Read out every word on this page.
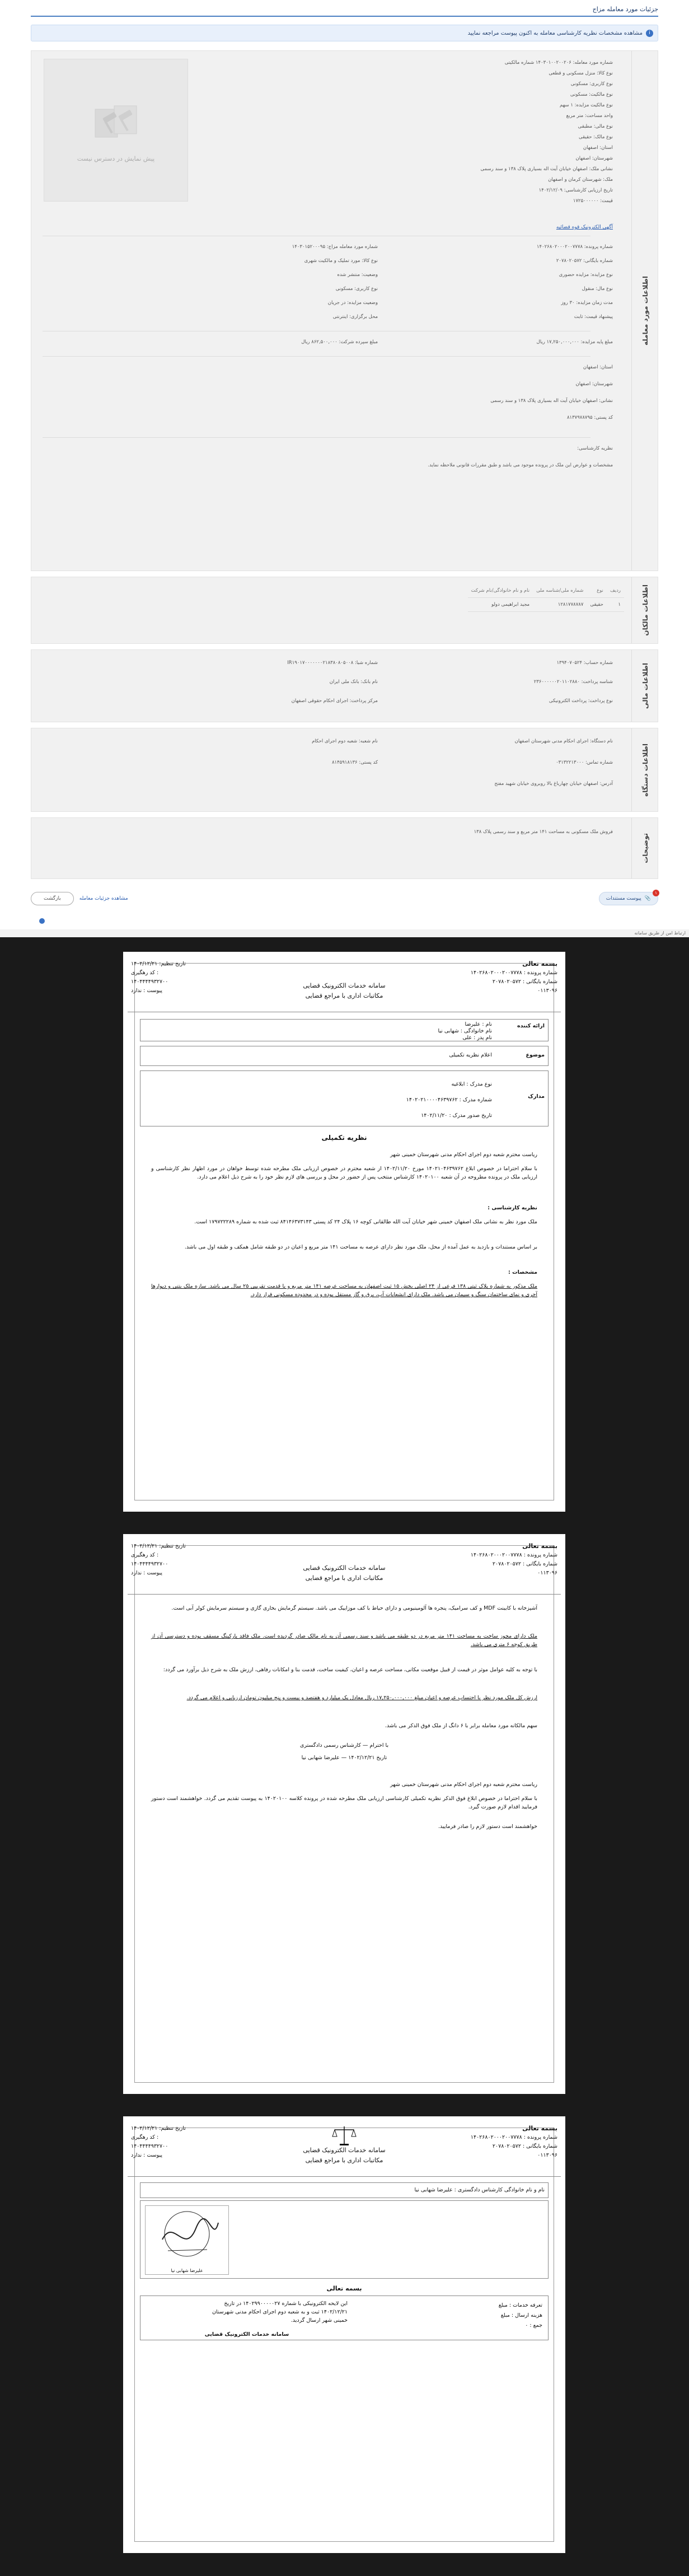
جزئیات مورد معامله مزاج
i
مشاهده مشخصات نظریه کارشناسی معامله به اکنون پیوست مراجعه نمایید
اطلاعات مورد معامله
پیش نمایش در دسترس نیست
شماره مورد معامله: ۱۴۰۳۰۱۰۰۲۰۰۲۰۶ شماره مالکیتی
نوع کالا: منزل مسکونی و قطعی
نوع کاربری: مسکونی
نوع مالکیت: مسکونی
نوع مالکیت مزایده: ۱ سهم
واحد مساحت: متر مربع
نوع مالی: مطبقی
نوع مالک: حقیقی
استان: اصفهان
شهرستان: اصفهان
نشانی ملک: اصفهان خیابان آیت اله بسیاری پلاک ۱۳۸ و سند رسمی
ملک: شهرستان کرمان و اصفهان
تاریخ ارزیابی کارشناسی: ۱۴۰۲/۱۲/۰۹
قیمت: ۱۷۲۵۰۰۰۰۰۰
آگهی الکترونیک قوه قضائیه
شماره پرونده: ۱۴۰۲۶۸۰۲۰۰۰۲۰۰۷۷۷۸
شماره بایگانی: ۲۰۷۸۰۲۰۵۷۲
نوع مزایده: مزایده حضوری
نوع مال: منقول
مدت زمان مزایده: ۳۰ روز
پیشنهاد قیمت: ثابت
شماره مورد معامله مزاج: ۱۴۰۳۰۱۵۲۰۰۰۹۵
نوع کالا: مورد تملیک و مالکیت شهری
وضعیت: منتشر شده
نوع کاربری: مسکونی
وضعیت مزایده: در جریان
محل برگزاری: اینترنتی
مبلغ پایه مزایده: ۱۷,۲۵۰,۰۰۰,۰۰۰ ریال
مبلغ سپرده شرکت: ۸۶۲,۵۰۰,۰۰۰ ریال
استان: اصفهان
شهرستان: اصفهان
نشانی: اصفهان خیابان آیت اله بسیاری پلاک ۱۳۸ و سند رسمی
کد پستی: ۸۱۳۷۹۷۸۷۹۵
نظریه کارشناسی:
مشخصات و عوارض این ملک در پرونده موجود می باشد و طبق مقررات قانونی ملاحظه نماید.
اطلاعات مالکان
ردیف	نوع	شماره ملی/شناسه ملی	نام و نام خانوادگی/نام شرکت
۱	حقیقی	۱۲۸۱۷۷۸۷۸۷	مجید ابراهیمی دولو
اطلاعات مالی
شماره حساب: ۱۳۹۴۰۷۰۵۲۴
شماره شبا: IR۱۹۰۱۷۰۰۰۰۰۰۰۲۱۸۳۸۰۸۰۵۰۰۸
شناسه پرداخت: ۲۳۶۰۰۰۰۰۰۲۰۱۱۰۲۸۸۰
نام بانک: بانک ملی ایران
نوع پرداخت: پرداخت الکترونیکی
مرکز پرداخت: اجرای احکام حقوقی اصفهان
اطلاعات دستگاه
نام دستگاه: اجرای احکام مدنی شهرستان اصفهان
نام شعبه: شعبه دوم اجرای احکام
شماره تماس: ۰۳۱۳۲۲۱۳۰۰۰
کد پستی: ۸۱۴۵۹۱۸۱۳۶
آدرس: اصفهان خیابان چهارباغ بالا روبروی خیابان شهید مفتح
توضیحات
فروش ملک مسکونی به مساحت ۱۴۱ متر مربع و سند رسمی پلاک ۱۳۸
۱
📎
پیوست مستندات
مشاهده جزئیات معامله
بازگشت
ارتباط امن از طریق سامانه
بسمه تعالی
شماره پرونده : ۱۴۰۲۶۸۰۲۰۰۰۲۰۰۷۷۷۸
شماره بایگانی : ۲۰۷۸۰۲۰۵۷۲
۰۱۱۳۰۹۶
سامانه خدمات الکترونیک قضایی
مکاتبات اداری با مراجع قضایی
تاریخ تنظیم: ۱۴۰۲/۱۲/۲۱
کد رهگیری :
۱۴۰۴۴۴۴۹۳۲۷۰۰
پیوست : ندارد
ارائه کننده
نام : علیرضا
نام خانوادگی : شهابی نیا
نام پدر : علی
موضوع
اعلام نظریه تکمیلی
مدارک
نوع مدرک : ابلاغیه
شماره مدرک : ۱۴۰۲۰۲۱۰۰۰۰۴۶۳۹۷۶۲
تاریخ صدور مدرک : ۱۴۰۲/۱۱/۲۰
نظریه تکمیلی
ریاست محترم شعبه دوم اجرای احکام مدنی شهرستان خمینی شهر
با سلام احتراما در خصوص ابلاغ ۱۴۰۲۱۰۴۶۳۹۷۶۲ مورخ ۱۴۰۲/۱۱/۲۰ از شعبه محترم در خصوص ارزیابی ملک مطرحه شده توسط خواهان در مورد اظهار نظر کارشناسی و ارزیابی ملک در پرونده مطروحه در آن شعبه ۱۴۰۲۰۱۰۰ کارشناس منتخب پس از حضور در محل و بررسی های لازم نظر خود را به شرح ذیل اعلام می دارد.
نظریه کارشناسی :
ملک مورد نظر به نشانی ملک اصفهان خمینی شهر خیابان آیت الله طالقانی کوچه ۱۶ پلاک ۲۴ کد پستی ۸۴۱۴۶۳۷۳۱۴۳ ثبت شده به شماره ۱۷۹۷۲۲۲۸۹ است.
بر اساس مستندات و بازدید به عمل آمده از محل، ملک مورد نظر دارای عرصه به مساحت ۱۴۱ متر مربع و اعیان در دو طبقه شامل همکف و طبقه اول می باشد.
مشخصات :
ملک مذکور به شماره پلاک ثبتی ۱۳۸ فرعی از ۲۴ اصلی بخش ۱۵ ثبت اصفهان به مساحت عرصه ۱۴۱ متر مربع و با قدمت تقریبی ۲۵ سال می باشد. سازه ملک بتنی و دیوارها آجری و نمای ساختمان سنگ و سیمان می باشد. ملک دارای انشعابات آب، برق و گاز مستقل بوده و در محدوده مسکونی قرار دارد.
بسمه تعالی
شماره پرونده : ۱۴۰۲۶۸۰۲۰۰۰۲۰۰۷۷۷۸
شماره بایگانی : ۲۰۷۸۰۲۰۵۷۲
۰۱۱۳۰۹۶
سامانه خدمات الکترونیک قضایی
مکاتبات اداری با مراجع قضایی
تاریخ تنظیم: ۱۴۰۲/۱۲/۲۱
کد رهگیری :
۱۴۰۴۴۴۴۹۳۲۷۰۰
پیوست : ندارد
آشپزخانه با کابینت MDF و کف سرامیک، پنجره ها آلومینیومی و دارای حیاط با کف موزاییک می باشد. سیستم گرمایش بخاری گازی و سیستم سرمایش کولر آبی است.
ملک دارای مجوز ساخت به مساحت ۱۴۱ متر مربع در دو طبقه می باشد و سند رسمی آن به نام مالک صادر گردیده است. ملک فاقد پارکینگ مسقف بوده و دسترسی آن از طریق کوچه ۶ متری می باشد.
با توجه به کلیه عوامل موثر در قیمت از قبیل موقعیت مکانی، مساحت عرصه و اعیان، کیفیت ساخت، قدمت بنا و امکانات رفاهی، ارزش ملک به شرح ذیل برآورد می گردد:
ارزش کل ملک مورد نظر با احتساب عرصه و اعیان مبلغ ۱۷,۲۵۰,۰۰۰,۰۰۰ ریال معادل یک میلیارد و هفتصد و بیست و پنج میلیون تومان ارزیابی و اعلام می گردد.
سهم مالکانه مورد معامله برابر با ۶ دانگ از ملک فوق الذکر می باشد.
با احترام — کارشناس رسمی دادگستری
تاریخ ۱۴۰۲/۱۲/۲۱ — علیرضا شهابی نیا
ریاست محترم شعبه دوم اجرای احکام مدنی شهرستان خمینی شهر
با سلام احتراما در خصوص ابلاغ فوق الذکر نظریه تکمیلی کارشناسی ارزیابی ملک مطرحه شده در پرونده کلاسه ۱۴۰۲۰۱۰۰ به پیوست تقدیم می گردد. خواهشمند است دستور فرمایید اقدام لازم صورت گیرد.
خواهشمند است دستور لازم را صادر فرمایید.
بسمه تعالی
شماره پرونده : ۱۴۰۲۶۸۰۲۰۰۰۲۰۰۷۷۷۸
شماره بایگانی : ۲۰۷۸۰۲۰۵۷۲
۰۱۱۳۰۹۶
سامانه خدمات الکترونیک قضایی
مکاتبات اداری با مراجع قضایی
تاریخ تنظیم: ۱۴۰۲/۱۲/۲۱
کد رهگیری :
۱۴۰۴۴۴۴۹۳۲۷۰۰
پیوست : ندارد
نام و نام خانوادگی کارشناس دادگستری : علیرضا شهابی نیا
علیرضا شهابی نیا
بسمه تعالی
تعرفه خدمات : مبلغ
هزینه ارسال : مبلغ
جمع : ۰
این لایحه الکترونیکی با شماره ۱۴۰۲۹۹۰۰۰۰۰۲۷ در تاریخ
۱۴۰۲/۱۲/۲۱ ثبت و به شعبه دوم اجرای احکام مدنی شهرستان
خمینی شهر ارسال گردید.
سامانه خدمات الکترونیک قضایی
